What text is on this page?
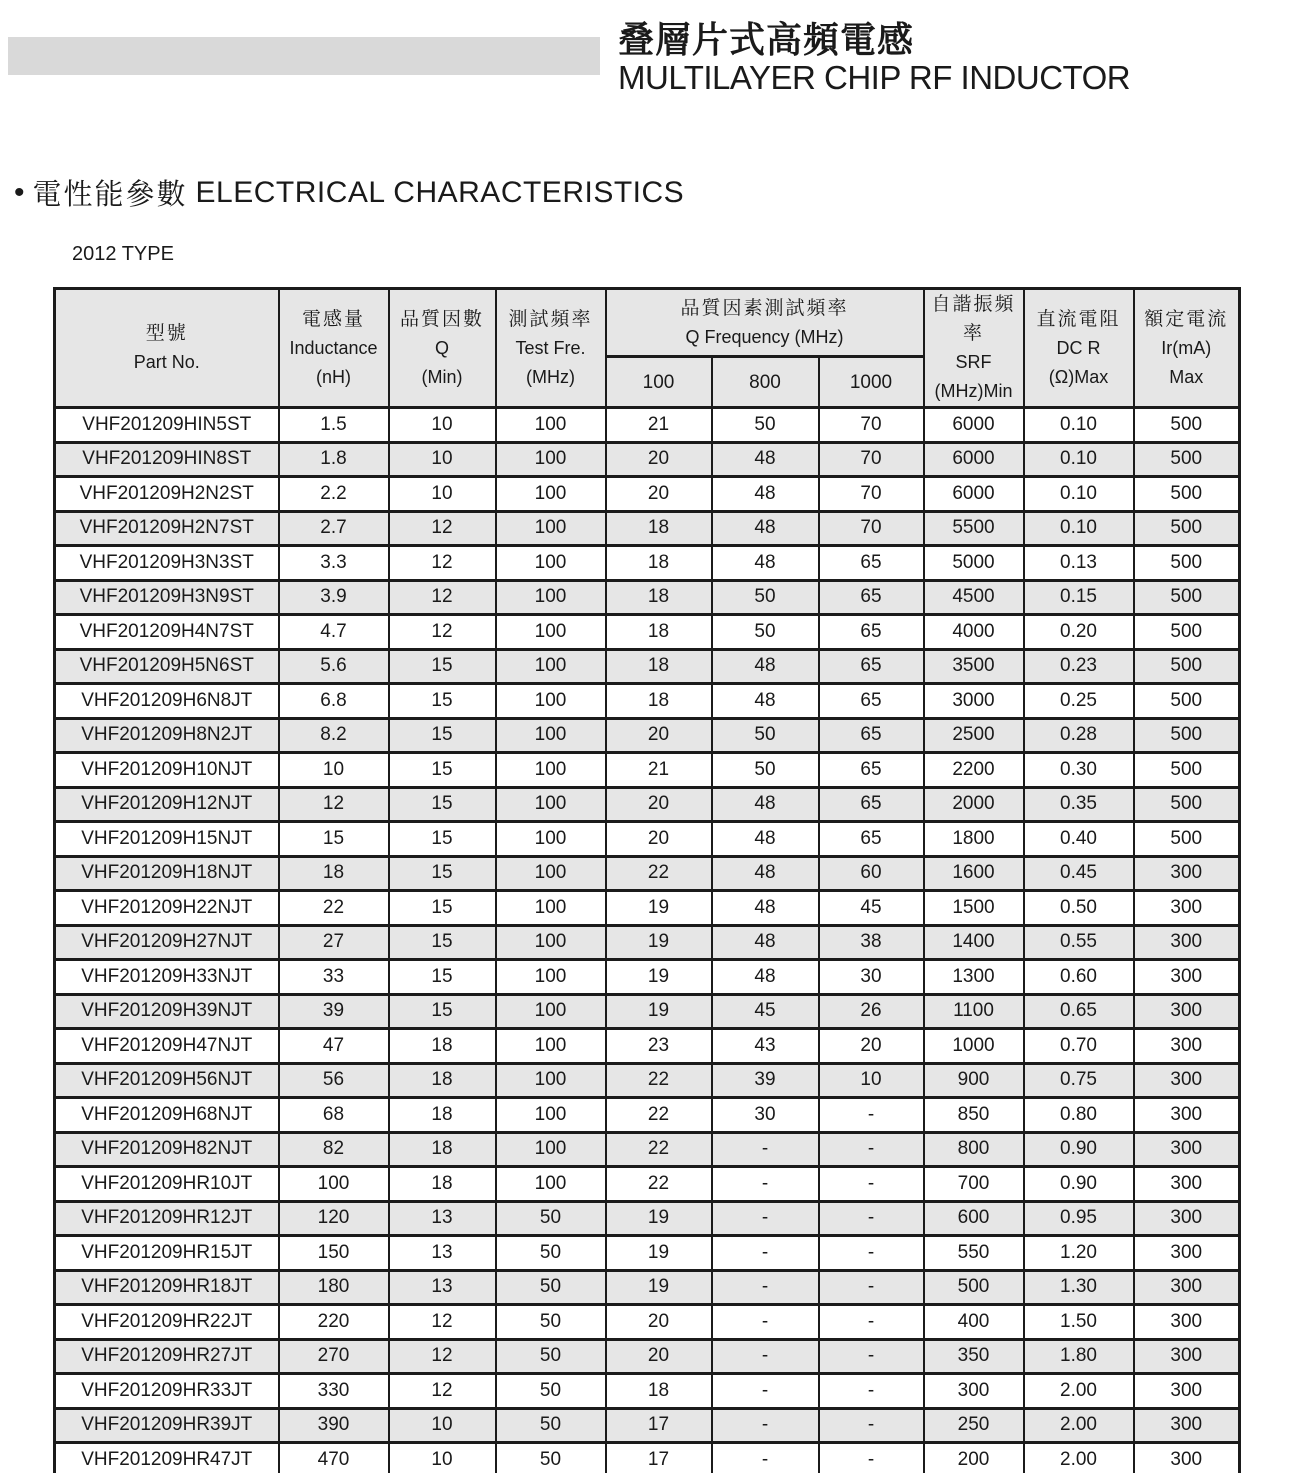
叠層片式高頻電感
MULTILAYER CHIP RF INDUCTOR
• 電性能參數 ELECTRICAL CHARACTERISTICS
2012 TYPE
型號
Part No.

電感量
Inductance
(nH)

品質因數
Q
(Min)

測試頻率
Test Fre.
(MHz)

品質因素測試頻率
Q Frequency (MHz)

自諧振頻率
SRF
(MHz)Min

直流電阻
DC R
(Ω)Max

額定電流
Ir(mA)
Max

				100	800	1000			
VHF201209HIN5ST	1.5	10	100	21	50	70	6000	0.10	500
VHF201209HIN8ST	1.8	10	100	20	48	70	6000	0.10	500
VHF201209H2N2ST	2.2	10	100	20	48	70	6000	0.10	500
VHF201209H2N7ST	2.7	12	100	18	48	70	5500	0.10	500
VHF201209H3N3ST	3.3	12	100	18	48	65	5000	0.13	500
VHF201209H3N9ST	3.9	12	100	18	50	65	4500	0.15	500
VHF201209H4N7ST	4.7	12	100	18	50	65	4000	0.20	500
VHF201209H5N6ST	5.6	15	100	18	48	65	3500	0.23	500
VHF201209H6N8JT	6.8	15	100	18	48	65	3000	0.25	500
VHF201209H8N2JT	8.2	15	100	20	50	65	2500	0.28	500
VHF201209H10NJT	10	15	100	21	50	65	2200	0.30	500
VHF201209H12NJT	12	15	100	20	48	65	2000	0.35	500
VHF201209H15NJT	15	15	100	20	48	65	1800	0.40	500
VHF201209H18NJT	18	15	100	22	48	60	1600	0.45	300
VHF201209H22NJT	22	15	100	19	48	45	1500	0.50	300
VHF201209H27NJT	27	15	100	19	48	38	1400	0.55	300
VHF201209H33NJT	33	15	100	19	48	30	1300	0.60	300
VHF201209H39NJT	39	15	100	19	45	26	1100	0.65	300
VHF201209H47NJT	47	18	100	23	43	20	1000	0.70	300
VHF201209H56NJT	56	18	100	22	39	10	900	0.75	300
VHF201209H68NJT	68	18	100	22	30	-	850	0.80	300
VHF201209H82NJT	82	18	100	22	-	-	800	0.90	300
VHF201209HR10JT	100	18	100	22	-	-	700	0.90	300
VHF201209HR12JT	120	13	50	19	-	-	600	0.95	300
VHF201209HR15JT	150	13	50	19	-	-	550	1.20	300
VHF201209HR18JT	180	13	50	19	-	-	500	1.30	300
VHF201209HR22JT	220	12	50	20	-	-	400	1.50	300
VHF201209HR27JT	270	12	50	20	-	-	350	1.80	300
VHF201209HR33JT	330	12	50	18	-	-	300	2.00	300
VHF201209HR39JT	390	10	50	17	-	-	250	2.00	300
VHF201209HR47JT	470	10	50	17	-	-	200	2.00	300
